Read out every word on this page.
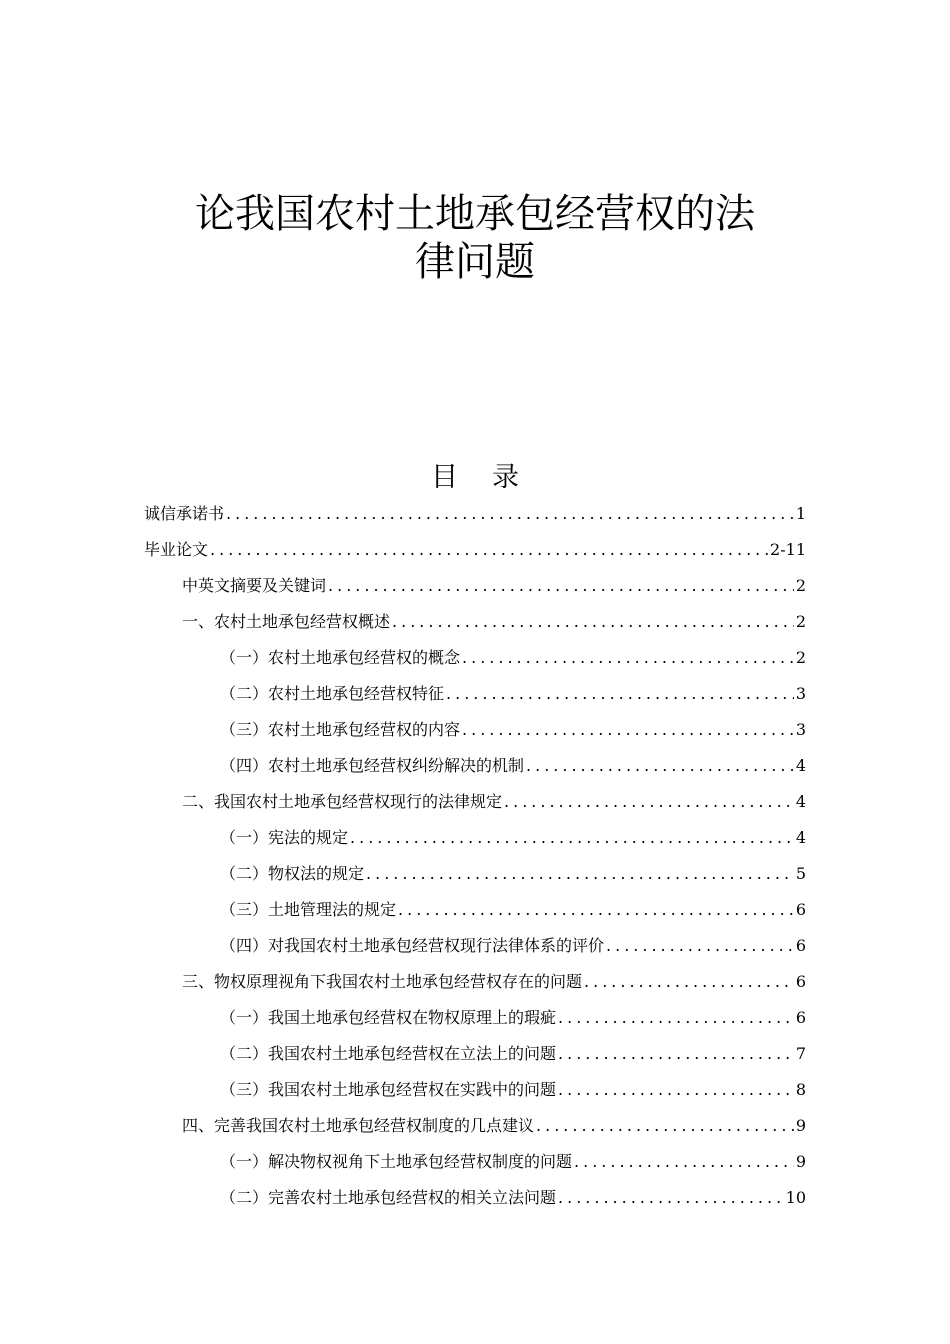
论我国农村土地承包经营权的法
律问题
目录
诚信承诺书 .....	1
毕业论文 .....	2-11
中英文摘要及关键词 .....	2
一、农村土地承包经营权概述 .....	2
（一）农村土地承包经营权的概念 .....	2
（二）农村土地承包经营权特征 .....	3
（三）农村土地承包经营权的内容 .....	3
（四）农村土地承包经营权纠纷解决的机制 .....	4
二、我国农村土地承包经营权现行的法律规定 .....	4
（一）宪法的规定 .....	4
（二）物权法的规定 .....	5
（三）土地管理法的规定 .....	6
（四）对我国农村土地承包经营权现行法律体系的评价 .....	6
三、物权原理视角下我国农村土地承包经营权存在的问题 .....	6
（一）我国土地承包经营权在物权原理上的瑕疵 .....	6
（二）我国农村土地承包经营权在立法上的问题 .....	7
（三）我国农村土地承包经营权在实践中的问题 .....	8
四、完善我国农村土地承包经营权制度的几点建议 .....	9
（一）解决物权视角下土地承包经营权制度的问题 .....	9
（二）完善农村土地承包经营权的相关立法问题 .....	10
